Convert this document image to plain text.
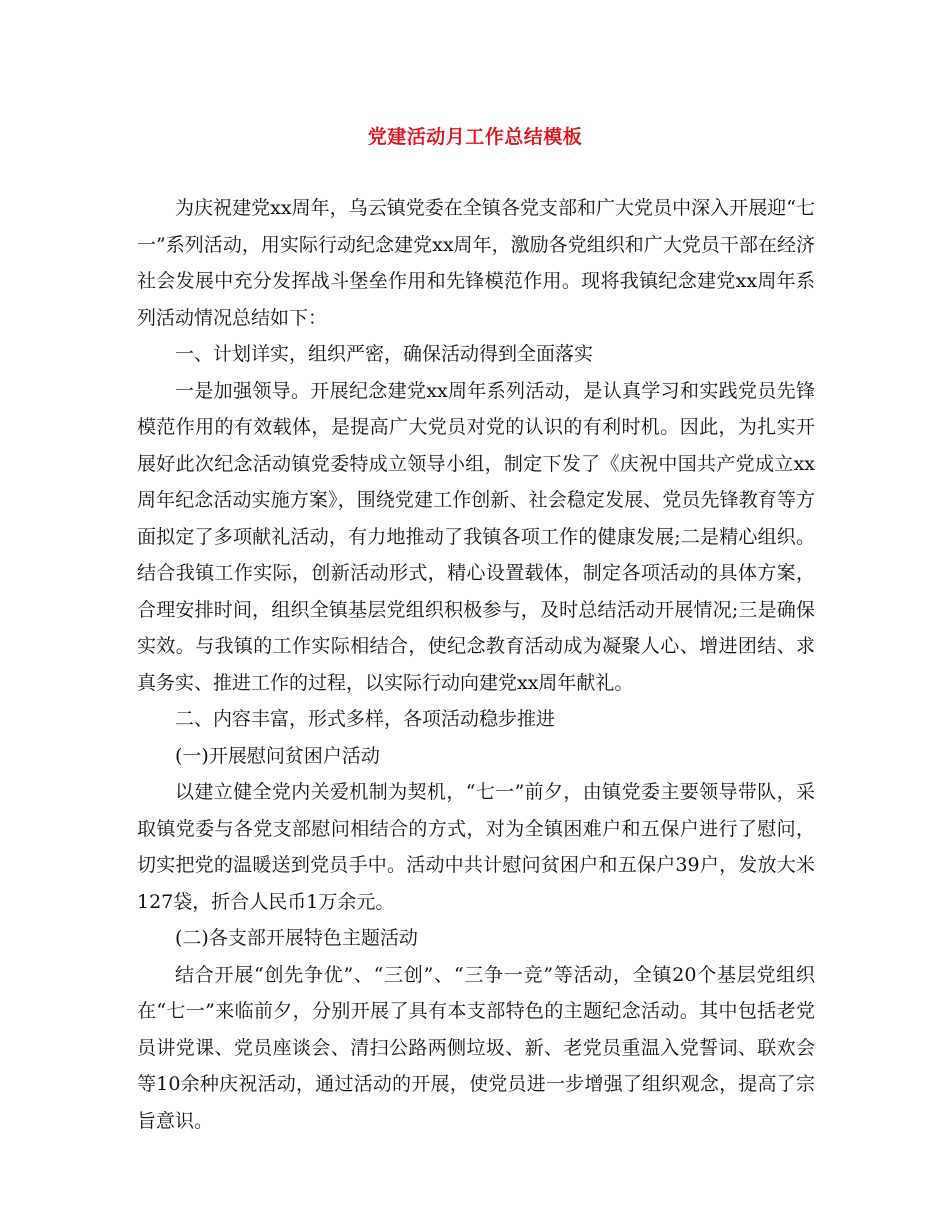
党建活动月工作总结模板

为庆祝建党xx周年，乌云镇党委在全镇各党支部和广大党员中深入开展迎“七一”系列活动，用实际行动纪念建党xx周年，激励各党组织和广大党员干部在经济社会发展中充分发挥战斗堡垒作用和先锋模范作用。现将我镇纪念建党xx周年系列活动情况总结如下：

一、计划详实，组织严密，确保活动得到全面落实

一是加强领导。开展纪念建党xx周年系列活动，是认真学习和实践党员先锋模范作用的有效载体，是提高广大党员对党的认识的有利时机。因此，为扎实开展好此次纪念活动镇党委特成立领导小组，制定下发了《庆祝中国共产党成立xx周年纪念活动实施方案》，围绕党建工作创新、社会稳定发展、党员先锋教育等方面拟定了多项献礼活动，有力地推动了我镇各项工作的健康发展;二是精心组织。结合我镇工作实际，创新活动形式，精心设置载体，制定各项活动的具体方案，合理安排时间，组织全镇基层党组织积极参与，及时总结活动开展情况;三是确保实效。与我镇的工作实际相结合，使纪念教育活动成为凝聚人心、增进团结、求真务实、推进工作的过程，以实际行动向建党xx周年献礼。

二、内容丰富，形式多样，各项活动稳步推进

(一)开展慰问贫困户活动

以建立健全党内关爱机制为契机，“七一”前夕，由镇党委主要领导带队，采取镇党委与各党支部慰问相结合的方式，对为全镇困难户和五保户进行了慰问，切实把党的温暖送到党员手中。活动中共计慰问贫困户和五保户39户，发放大米127袋，折合人民币1万余元。

(二)各支部开展特色主题活动

结合开展“创先争优”、“三创”、“三争一竞”等活动，全镇20个基层党组织在“七一”来临前夕，分别开展了具有本支部特色的主题纪念活动。其中包括老党员讲党课、党员座谈会、清扫公路两侧垃圾、新、老党员重温入党誓词、联欢会等10余种庆祝活动，通过活动的开展，使党员进一步增强了组织观念，提高了宗旨意识。
